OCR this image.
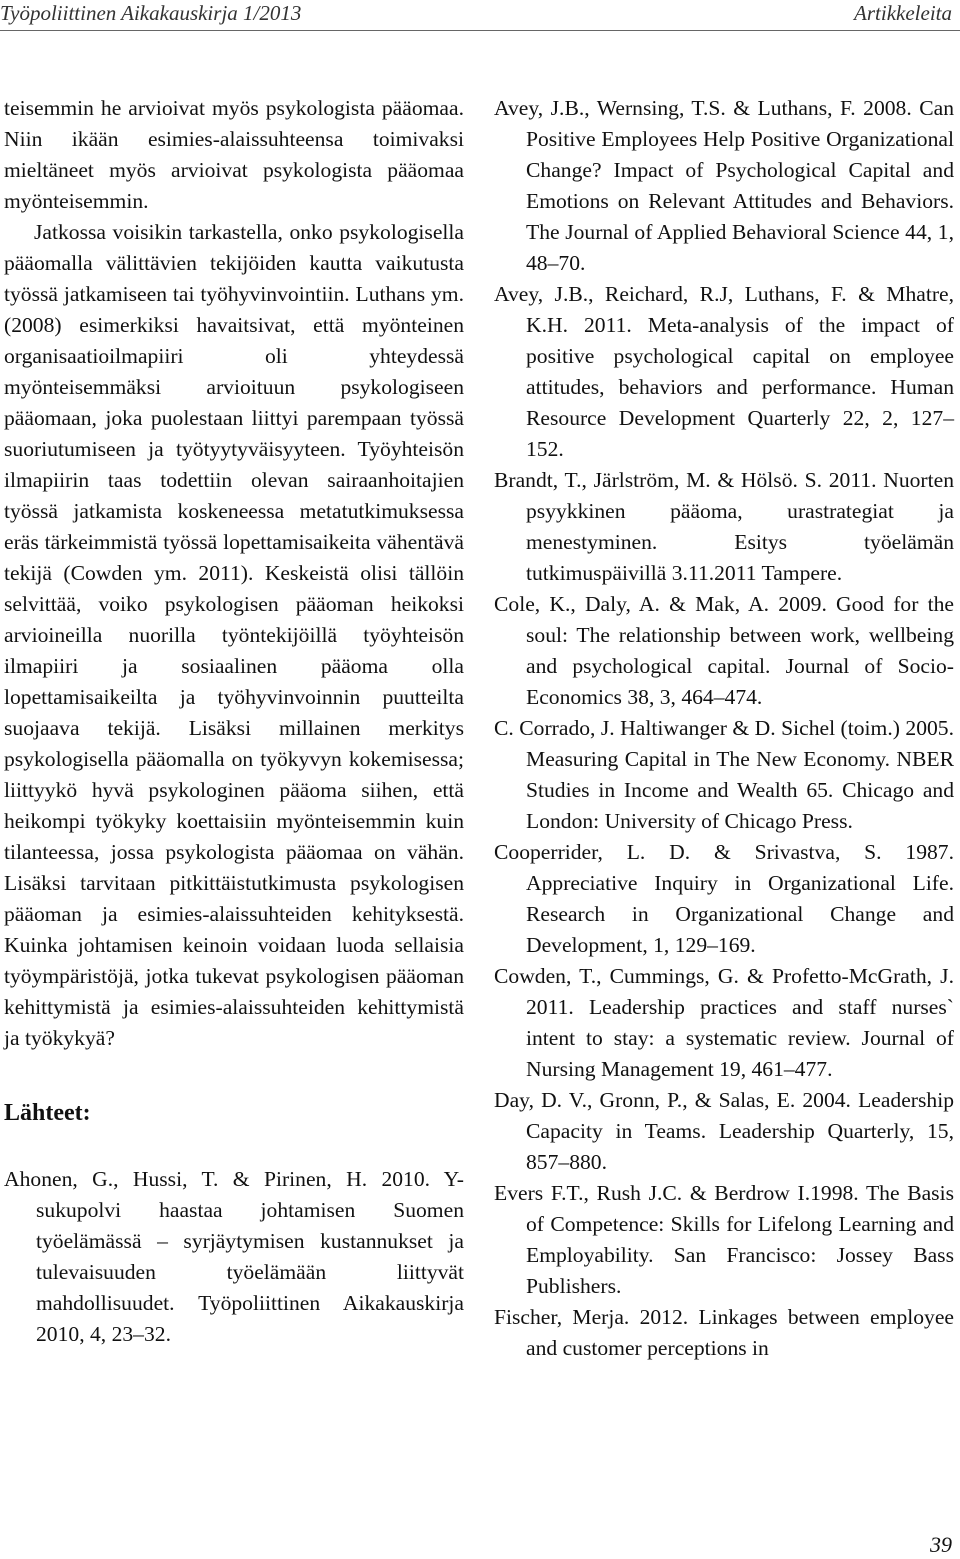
Työpoliittinen Aikakauskirja 1/2013	Artikkeleita

teisemmin he arvioivat myös psykologista pääomaa. Niin ikään esimies-alaissuhteensa toimivaksi mieltäneet myös arvioivat psykologista pääomaa myönteisemmin.

Jatkossa voisikin tarkastella, onko psykologisella pääomalla välittävien tekijöiden kautta vaikutusta työssä jatkamiseen tai työhyvinvointiin. Luthans ym. (2008) esimerkiksi havaitsivat, että myönteinen organisaatioilmapiiri oli yhteydessä myönteisemmäksi arvioituun psykologiseen pääomaan, joka puolestaan liittyi parempaan työssä suoriutumiseen ja työtyytyväisyyteen. Työyhteisön ilmapiirin taas todettiin olevan sairaanhoitajien työssä jatkamista koskeneessa metatutkimuksessa eräs tärkeimmistä työssä lopettamisaikeita vähentävä tekijä (Cowden ym. 2011). Keskeistä olisi tällöin selvittää, voiko psykologisen pääoman heikoksi arvioineilla nuorilla työntekijöillä työyhteisön ilmapiiri ja sosiaalinen pääoma olla lopettamisaikeilta ja työhyvinvoinnin puutteilta suojaava tekijä. Lisäksi millainen merkitys psykologisella pääomalla on työkyvyn kokemisessa; liittyykö hyvä psykologinen pääoma siihen, että heikompi työkyky koettaisiin myönteisemmin kuin tilanteessa, jossa psykologista pääomaa on vähän. Lisäksi tarvitaan pitkittäistutkimusta psykologisen pääoman ja esimies-alaissuhteiden kehityksestä. Kuinka johtamisen keinoin voidaan luoda sellaisia työympäristöjä, jotka tukevat psykologisen pääoman kehittymistä ja esimies-alaissuhteiden kehittymistä ja työkykyä?

Lähteet:

Ahonen, G., Hussi, T. & Pirinen, H. 2010. Y-sukupolvi haastaa johtamisen Suomen työelämässä – syrjäytymisen kustannukset ja tulevaisuuden työelämään liittyvät mahdollisuudet. Työpoliittinen Aikakauskirja 2010, 4, 23–32.

Avey, J.B., Wernsing, T.S. & Luthans, F. 2008. Can Positive Employees Help Positive Organizational Change? Impact of Psychological Capital and Emotions on Relevant Attitudes and Behaviors. The Journal of Applied Behavioral Science 44, 1, 48–70.

Avey, J.B., Reichard, R.J, Luthans, F. & Mhatre, K.H. 2011. Meta-analysis of the impact of positive psychological capital on employee attitudes, behaviors and performance. Human Resource Development Quarterly 22, 2, 127–152.

Brandt, T., Järlström, M. & Hölsö. S. 2011. Nuorten psyykkinen pääoma, urastrategiat ja menestyminen. Esitys työelämän tutkimuspäivillä 3.11.2011 Tampere.

Cole, K., Daly, A. & Mak, A. 2009. Good for the soul: The relationship between work, wellbeing and psychological capital. Journal of Socio-Economics 38, 3, 464–474.

C. Corrado, J. Haltiwanger & D. Sichel (toim.) 2005. Measuring Capital in The New Economy. NBER Studies in Income and Wealth 65. Chicago and London: University of Chicago Press.

Cooperrider, L. D. & Srivastva, S. 1987. Appreciative Inquiry in Organizational Life. Research in Organizational Change and Development, 1, 129–169.

Cowden, T., Cummings, G. & Profetto-McGrath, J. 2011. Leadership practices and staff nurses` intent to stay: a systematic review. Journal of Nursing Management 19, 461–477.

Day, D. V., Gronn, P., & Salas, E. 2004. Leadership Capacity in Teams. Leadership Quarterly, 15, 857–880.

Evers F.T., Rush J.C. & Berdrow I.1998. The Basis of Competence: Skills for Lifelong Learning and Employability. San Francisco: Jossey Bass Publishers.

Fischer, Merja. 2012. Linkages between employee and customer perceptions in

39
